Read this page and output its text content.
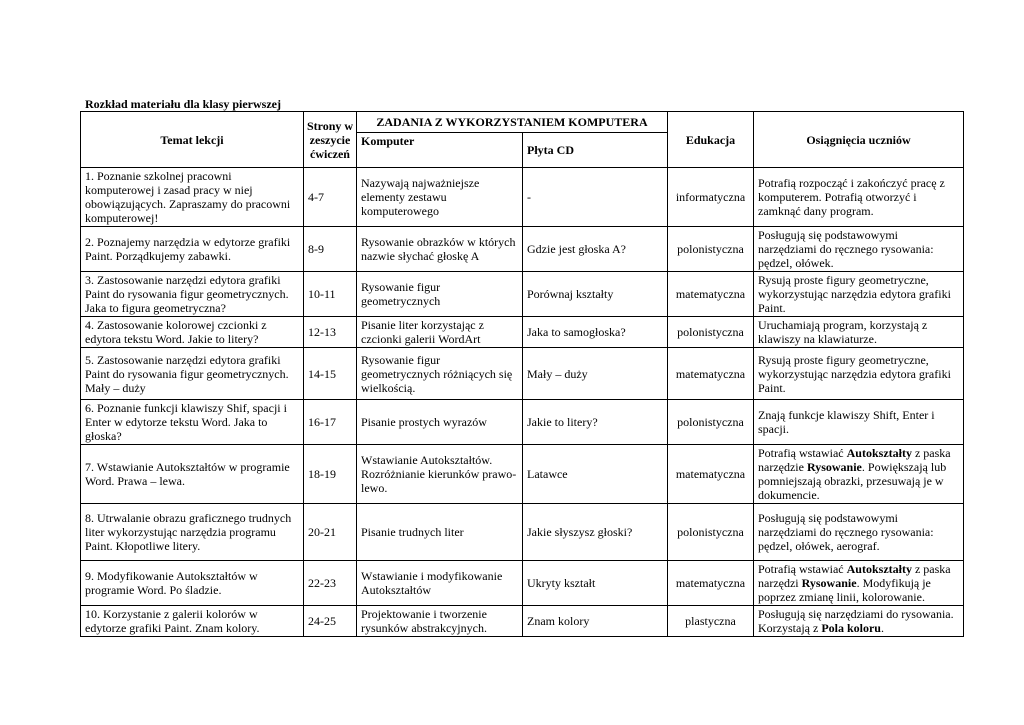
Rozkład materiału dla klasy pierwszej

Temat lekcji	Strony w zeszycie ćwiczeń	ZADANIA Z WYKORZYSTANIEM KOMPUTERA		Edukacja	Osiągnięcia uczniów
		Komputer	Płyta CD		
1. Poznanie szkolnej pracowni komputerowej i zasad pracy w niej obowiązujących. Zapraszamy do pracowni komputerowej!	4-7	Nazywają najważniejsze elementy zestawu komputerowego	-	informatyczna	Potrafią rozpocząć i zakończyć pracę z komputerem. Potrafią otworzyć i zamknąć dany program.
2. Poznajemy narzędzia w edytorze grafiki Paint. Porządkujemy zabawki.	8-9	Rysowanie obrazków w których nazwie słychać głoskę A	Gdzie jest głoska A?	polonistyczna	Posługują się podstawowymi narzędziami do ręcznego rysowania: pędzel, ołówek.
3. Zastosowanie narzędzi edytora grafiki Paint do rysowania figur geometrycznych. Jaka to figura geometryczna?	10-11	Rysowanie figur geometrycznych	Porównaj kształty	matematyczna	Rysują proste figury geometryczne, wykorzystując narzędzia edytora grafiki Paint.
4. Zastosowanie kolorowej czcionki z edytora tekstu Word. Jakie to litery?	12-13	Pisanie liter korzystając z czcionki galerii WordArt	Jaka to samogłoska?	polonistyczna	Uruchamiają program, korzystają z klawiszy na klawiaturze.
5. Zastosowanie narzędzi edytora grafiki Paint do rysowania figur geometrycznych. Mały – duży	14-15	Rysowanie figur geometrycznych różniących się wielkością.	Mały – duży	matematyczna	Rysują proste figury geometryczne, wykorzystując narzędzia edytora grafiki Paint.
6. Poznanie funkcji klawiszy Shif, spacji i Enter w edytorze tekstu Word. Jaka to głoska?	16-17	Pisanie prostych wyrazów	Jakie to litery?	polonistyczna	Znają funkcje klawiszy Shift, Enter i spacji.
7. Wstawianie Autokształtów w programie Word. Prawa – lewa.	18-19	Wstawianie Autokształtów. Rozróżnianie kierunków prawo-lewo.	Latawce	matematyczna	Potrafią wstawiać Autokształty z paska narzędzie Rysowanie. Powiększają lub pomniejszają obrazki, przesuwają je w dokumencie.
8. Utrwalanie obrazu graficznego trudnych liter wykorzystując narzędzia programu Paint. Kłopotliwe litery.	20-21	Pisanie trudnych liter	Jakie słyszysz głoski?	polonistyczna	Posługują się podstawowymi narzędziami do ręcznego rysowania: pędzel, ołówek, aerograf.
9. Modyfikowanie Autokształtów w programie Word. Po śladzie.	22-23	Wstawianie i modyfikowanie Autokształtów	Ukryty kształt	matematyczna	Potrafią wstawiać Autokształty z paska narzędzi Rysowanie. Modyfikują je poprzez zmianę linii, kolorowanie.
10. Korzystanie z galerii kolorów w edytorze grafiki Paint. Znam kolory.	24-25	Projektowanie i tworzenie rysunków abstrakcyjnych.	Znam kolory	plastyczna	Posługują się narzędziami do rysowania. Korzystają z Pola koloru.
